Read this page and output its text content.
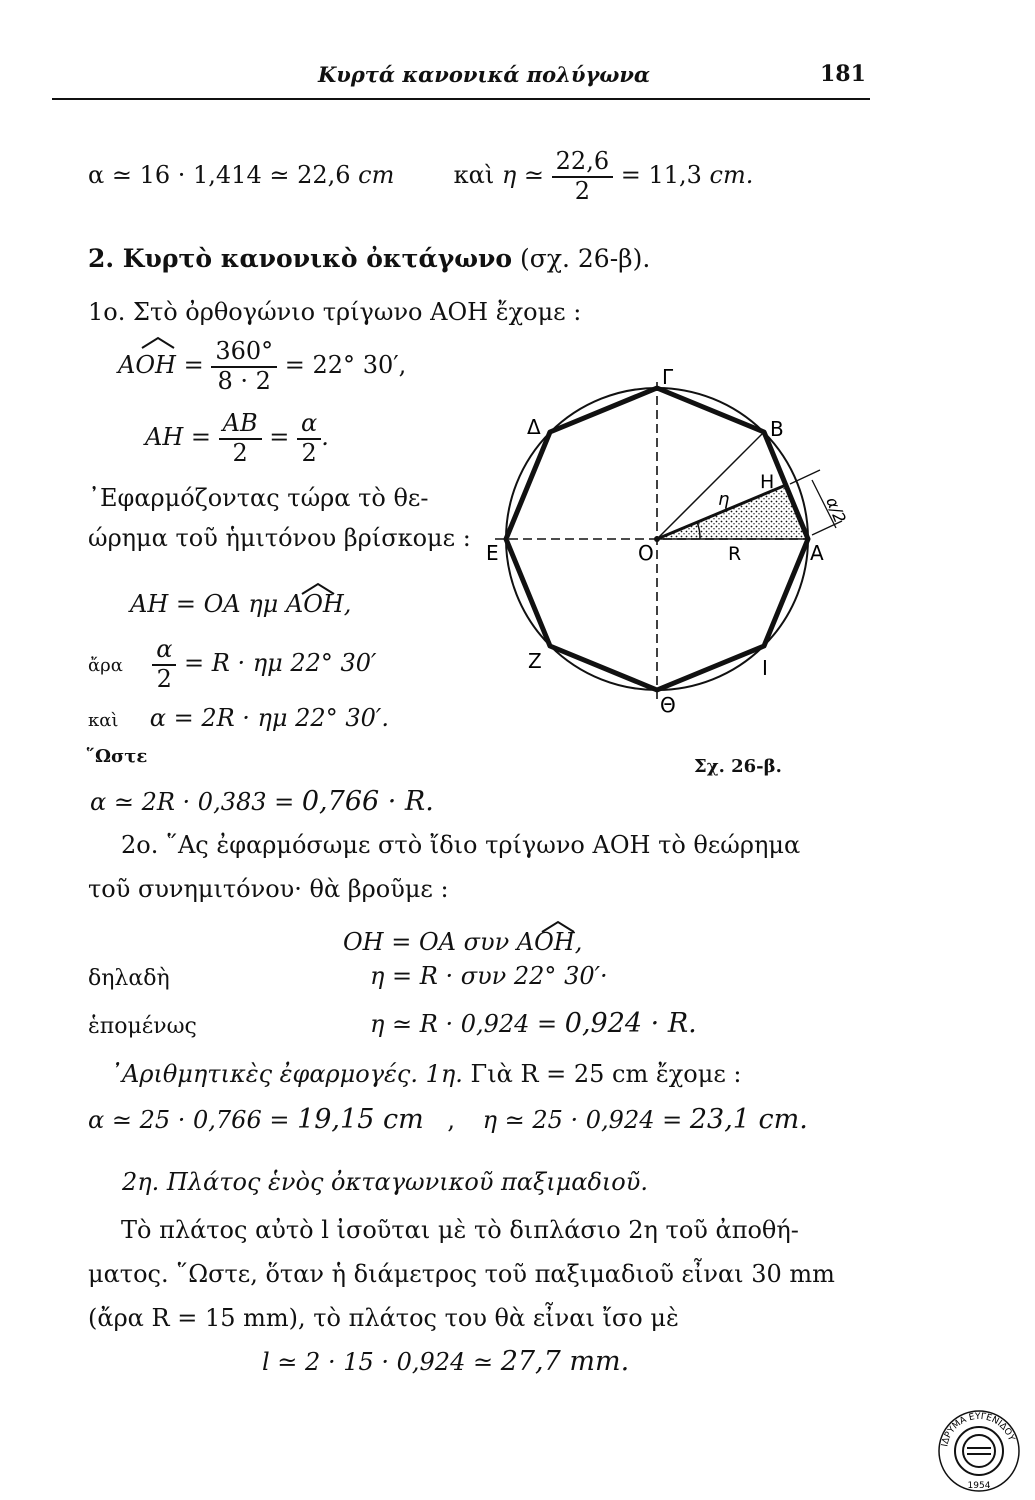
Κυρτά κανονικά πολύγωνα	181
α ≃ 16 · 1,414 ≃ 22,6 cm καὶ η ≃ $\frac{22,6}{2} = 11,3$ cm.
2. Κυρτὸ κανονικὸ ὀκτάγωνο (σχ. 26-β).
1ο. Στὸ ὀρθογώνιο τρίγωνο ΑΟΗ ἔχομε :
$AOH = \frac{360^\circ}{8 \cdot 2} = 22^\circ$ 30′,
$AH = \frac{AB}{2} = \frac{\alpha}{2}$ .
᾿Εφαρμόζοντας τώρα τὸ θε-
ώρημα τοῦ ἡμιτόνου βρίσκομε :
ΑΗ = ΟΑ ημ ΑΟΗ,
ἄρα $\frac{\alpha}{2} = R \cdot \eta\mu$ 22° 30′
καὶ α = 2R · ημ 22° 30′.
῞Ωστε
α ≃ 2R · 0,383 = 0,766 · R.
Γ
Δ	Β
Η
η
Ε	Ο	R	Α
Ζ	Ι
Θ
α/2
Σχ. 26-β.
2ο. ῞Ας ἐφαρμόσωμε στὸ ἴδιο τρίγωνο ΑΟΗ τὸ θεώρημα
τοῦ συνημιτόνου· θὰ βροῦμε :
ΟΗ = ΟΑ συν ΑΟΗ,
δηλαδὴ	η = R · συν 22° 30′·
ἑπομένως	η ≃ R · 0,924 = 0,924 · R.
᾿Αριθμητικὲς ἐφαρμογές. 1η. Γιὰ R = 25 cm ἔχομε :
α ≃ 25 · 0,766 = 19,15 cm , η ≃ 25 · 0,924 = 23,1 cm.
2η. Πλάτος ἑνὸς ὀκταγωνικοῦ παξιμαδιοῦ.
Τὸ πλάτος αὐτὸ l ἰσοῦται μὲ τὸ διπλάσιο 2η τοῦ ἀποθή-
ματος. ῞Ωστε, ὅταν ἡ διάμετρος τοῦ παξιμαδιοῦ εἶναι 30 mm
(ἄρα R = 15 mm), τὸ πλάτος του θὰ εἶναι ἴσο μὲ
l ≃ 2 · 15 · 0,924 ≃ 27,7 mm.
ΙΔΡΥΜΑ ΕΥΓΕΝΙΔΟΥ
1954
